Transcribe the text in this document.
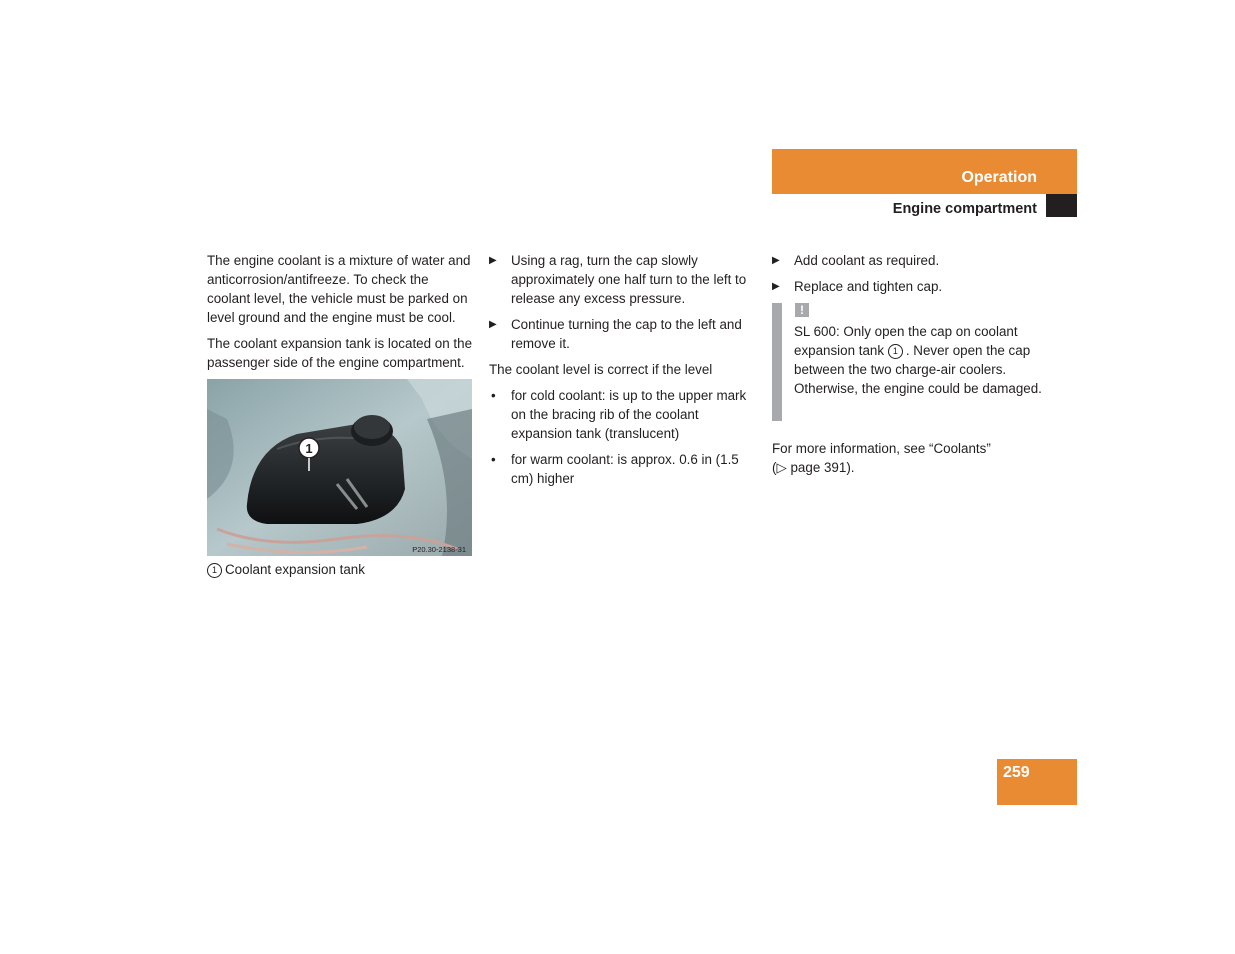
Operation
Engine compartment

The engine coolant is a mixture of water and anticorrosion/antifreeze. To check the coolant level, the vehicle must be parked on level ground and the engine must be cool.

The coolant expansion tank is located on the passenger side of the engine compartment.

1
P20.30-2138-31
1 Coolant expansion tank
▶ Using a rag, turn the cap slowly approximately one half turn to the left to release any excess pressure.
▶ Continue turning the cap to the left and remove it.

The coolant level is correct if the level

• for cold coolant: is up to the upper mark on the bracing rib of the coolant expansion tank (translucent)
• for warm coolant: is approx. 0.6 in (1.5 cm) higher
▶ Add coolant as required.
▶ Replace and tighten cap.
!
SL 600: Only open the cap on coolant expansion tank 1 . Never open the cap between the two charge-air coolers. Otherwise, the engine could be damaged.
For more information, see “Coolants”
(▷ page 391).
259
